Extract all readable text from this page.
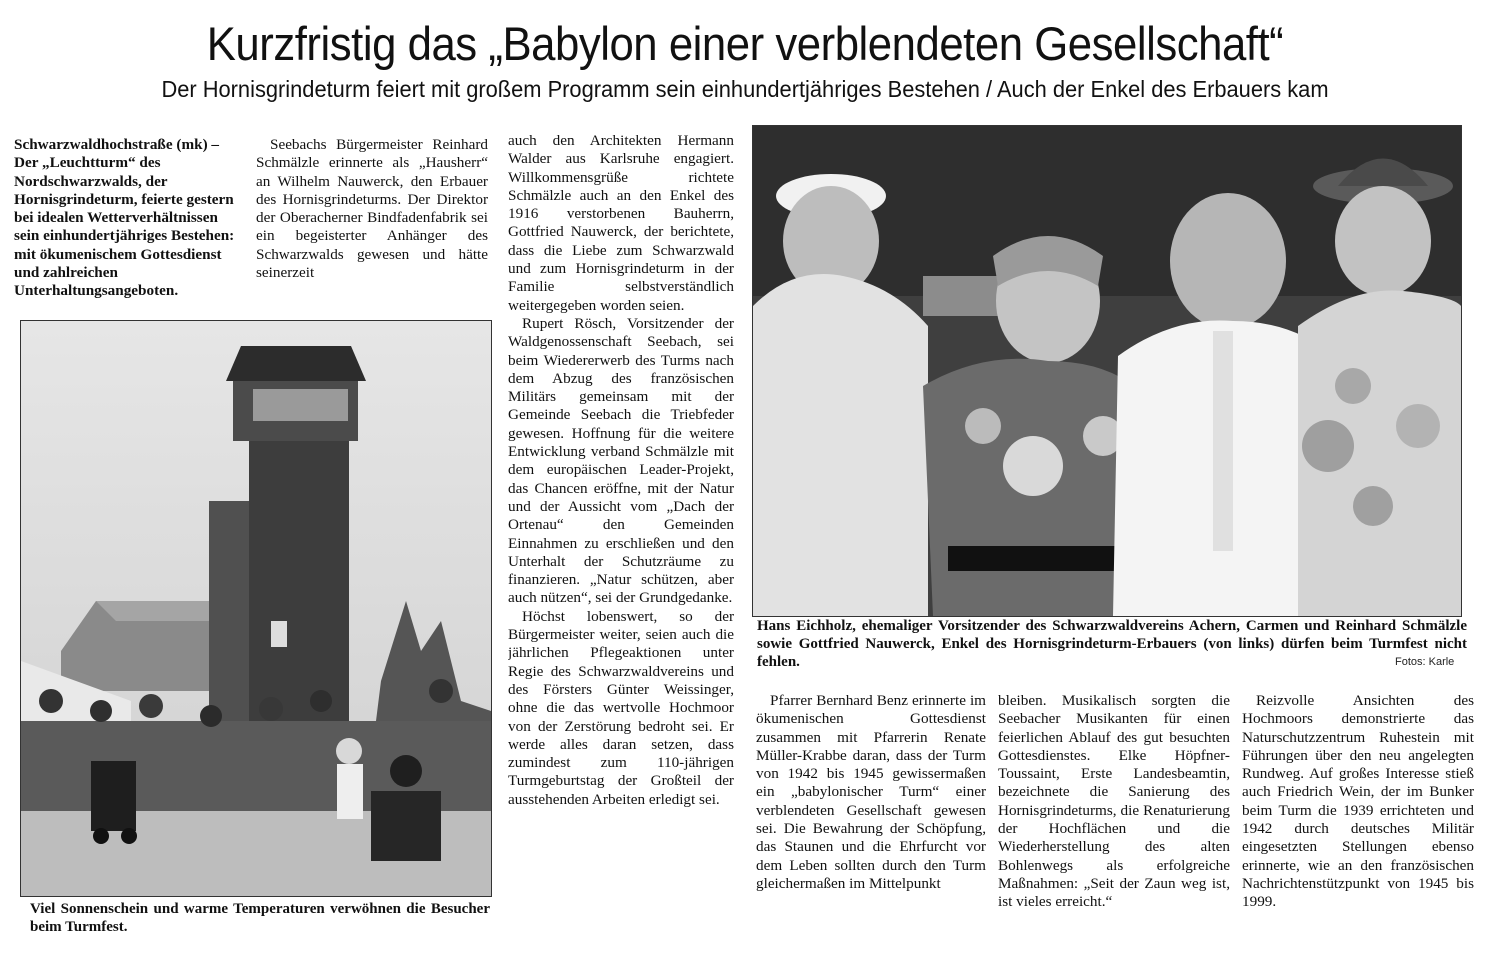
Kurzfristig das „Babylon einer verblendeten Gesellschaft“
Der Hornisgrindeturm feiert mit großem Programm sein einhundertjähriges Bestehen / Auch der Enkel des Erbauers kam

Schwarzwaldhochstraße (mk) – Der „Leuchtturm“ des Nordschwarzwalds, der Hornisgrindeturm, feierte gestern bei idealen Wetterverhältnissen sein einhundertjähriges Bestehen: mit ökumenischem Gottesdienst und zahlreichen Unterhaltungsangeboten.

Seebachs Bürgermeister Reinhard Schmälzle erinnerte als „Hausherr“ an Wilhelm Nauwerck, den Erbauer des Hornisgrindeturms. Der Direktor der Oberacherner Bindfadenfabrik sei ein begeisterter Anhänger des Schwarzwalds gewesen und hätte seinerzeit

Viel Sonnenschein und warme Temperaturen verwöhnen die Besucher beim Turmfest.

auch den Architekten Hermann Walder aus Karlsruhe engagiert. Willkommensgrüße richtete Schmälzle auch an den Enkel des 1916 verstorbenen Bauherrn, Gottfried Nauwerck, der berichtete, dass die Liebe zum Schwarzwald und zum Hornisgrindeturm in der Familie selbstverständlich weitergegeben worden seien.

Rupert Rösch, Vorsitzender der Waldgenossenschaft Seebach, sei beim Wiedererwerb des Turms nach dem Abzug des französischen Militärs gemeinsam mit der Gemeinde Seebach die Triebfeder gewesen. Hoffnung für die weitere Entwicklung verband Schmälzle mit dem europäischen Leader-Projekt, das Chancen eröffne, mit der Natur und der Aussicht vom „Dach der Ortenau“ den Gemeinden Einnahmen zu erschließen und den Unterhalt der Schutzräume zu finanzieren. „Natur schützen, aber auch nützen“, sei der Grundgedanke.

Höchst lobenswert, so der Bürgermeister weiter, seien auch die jährlichen Pflegeaktionen unter Regie des Schwarzwaldvereins und des Försters Günter Weissinger, ohne die das wertvolle Hochmoor von der Zerstörung bedroht sei. Er werde alles daran setzen, dass zumindest zum 110-jährigen Turmgeburtstag der Großteil der ausstehenden Arbeiten erledigt sei.

Hans Eichholz, ehemaliger Vorsitzender des Schwarzwaldvereins Achern, Carmen und Reinhard Schmälzle sowie Gottfried Nauwerck, Enkel des Hornisgrindeturm-Erbauers (von links) dürfen beim Turmfest nicht fehlen.	Fotos: Karle

Pfarrer Bernhard Benz erinnerte im ökumenischen Gottesdienst zusammen mit Pfarrerin Renate Müller-Krabbe daran, dass der Turm von 1942 bis 1945 gewissermaßen ein „babylonischer Turm“ einer verblendeten Gesellschaft gewesen sei. Die Bewahrung der Schöpfung, das Staunen und die Ehrfurcht vor dem Leben sollten durch den Turm gleichermaßen im Mittelpunkt

bleiben. Musikalisch sorgten die Seebacher Musikanten für einen feierlichen Ablauf des gut besuchten Gottesdienstes. Elke Höpfner-Toussaint, Erste Landesbeamtin, bezeichnete die Sanierung des Hornisgrindeturms, die Renaturierung der Hochflächen und die Wiederherstellung des alten Bohlenwegs als erfolgreiche Maßnahmen: „Seit der Zaun weg ist, ist vieles erreicht.“

Reizvolle Ansichten des Hochmoors demonstrierte das Naturschutzzentrum Ruhestein mit Führungen über den neu angelegten Rundweg. Auf großes Interesse stieß auch Friedrich Wein, der im Bunker beim Turm die 1939 errichteten und 1942 durch deutsches Militär eingesetzten Stellungen ebenso erinnerte, wie an den französischen Nachrichtenstützpunkt von 1945 bis 1999.
